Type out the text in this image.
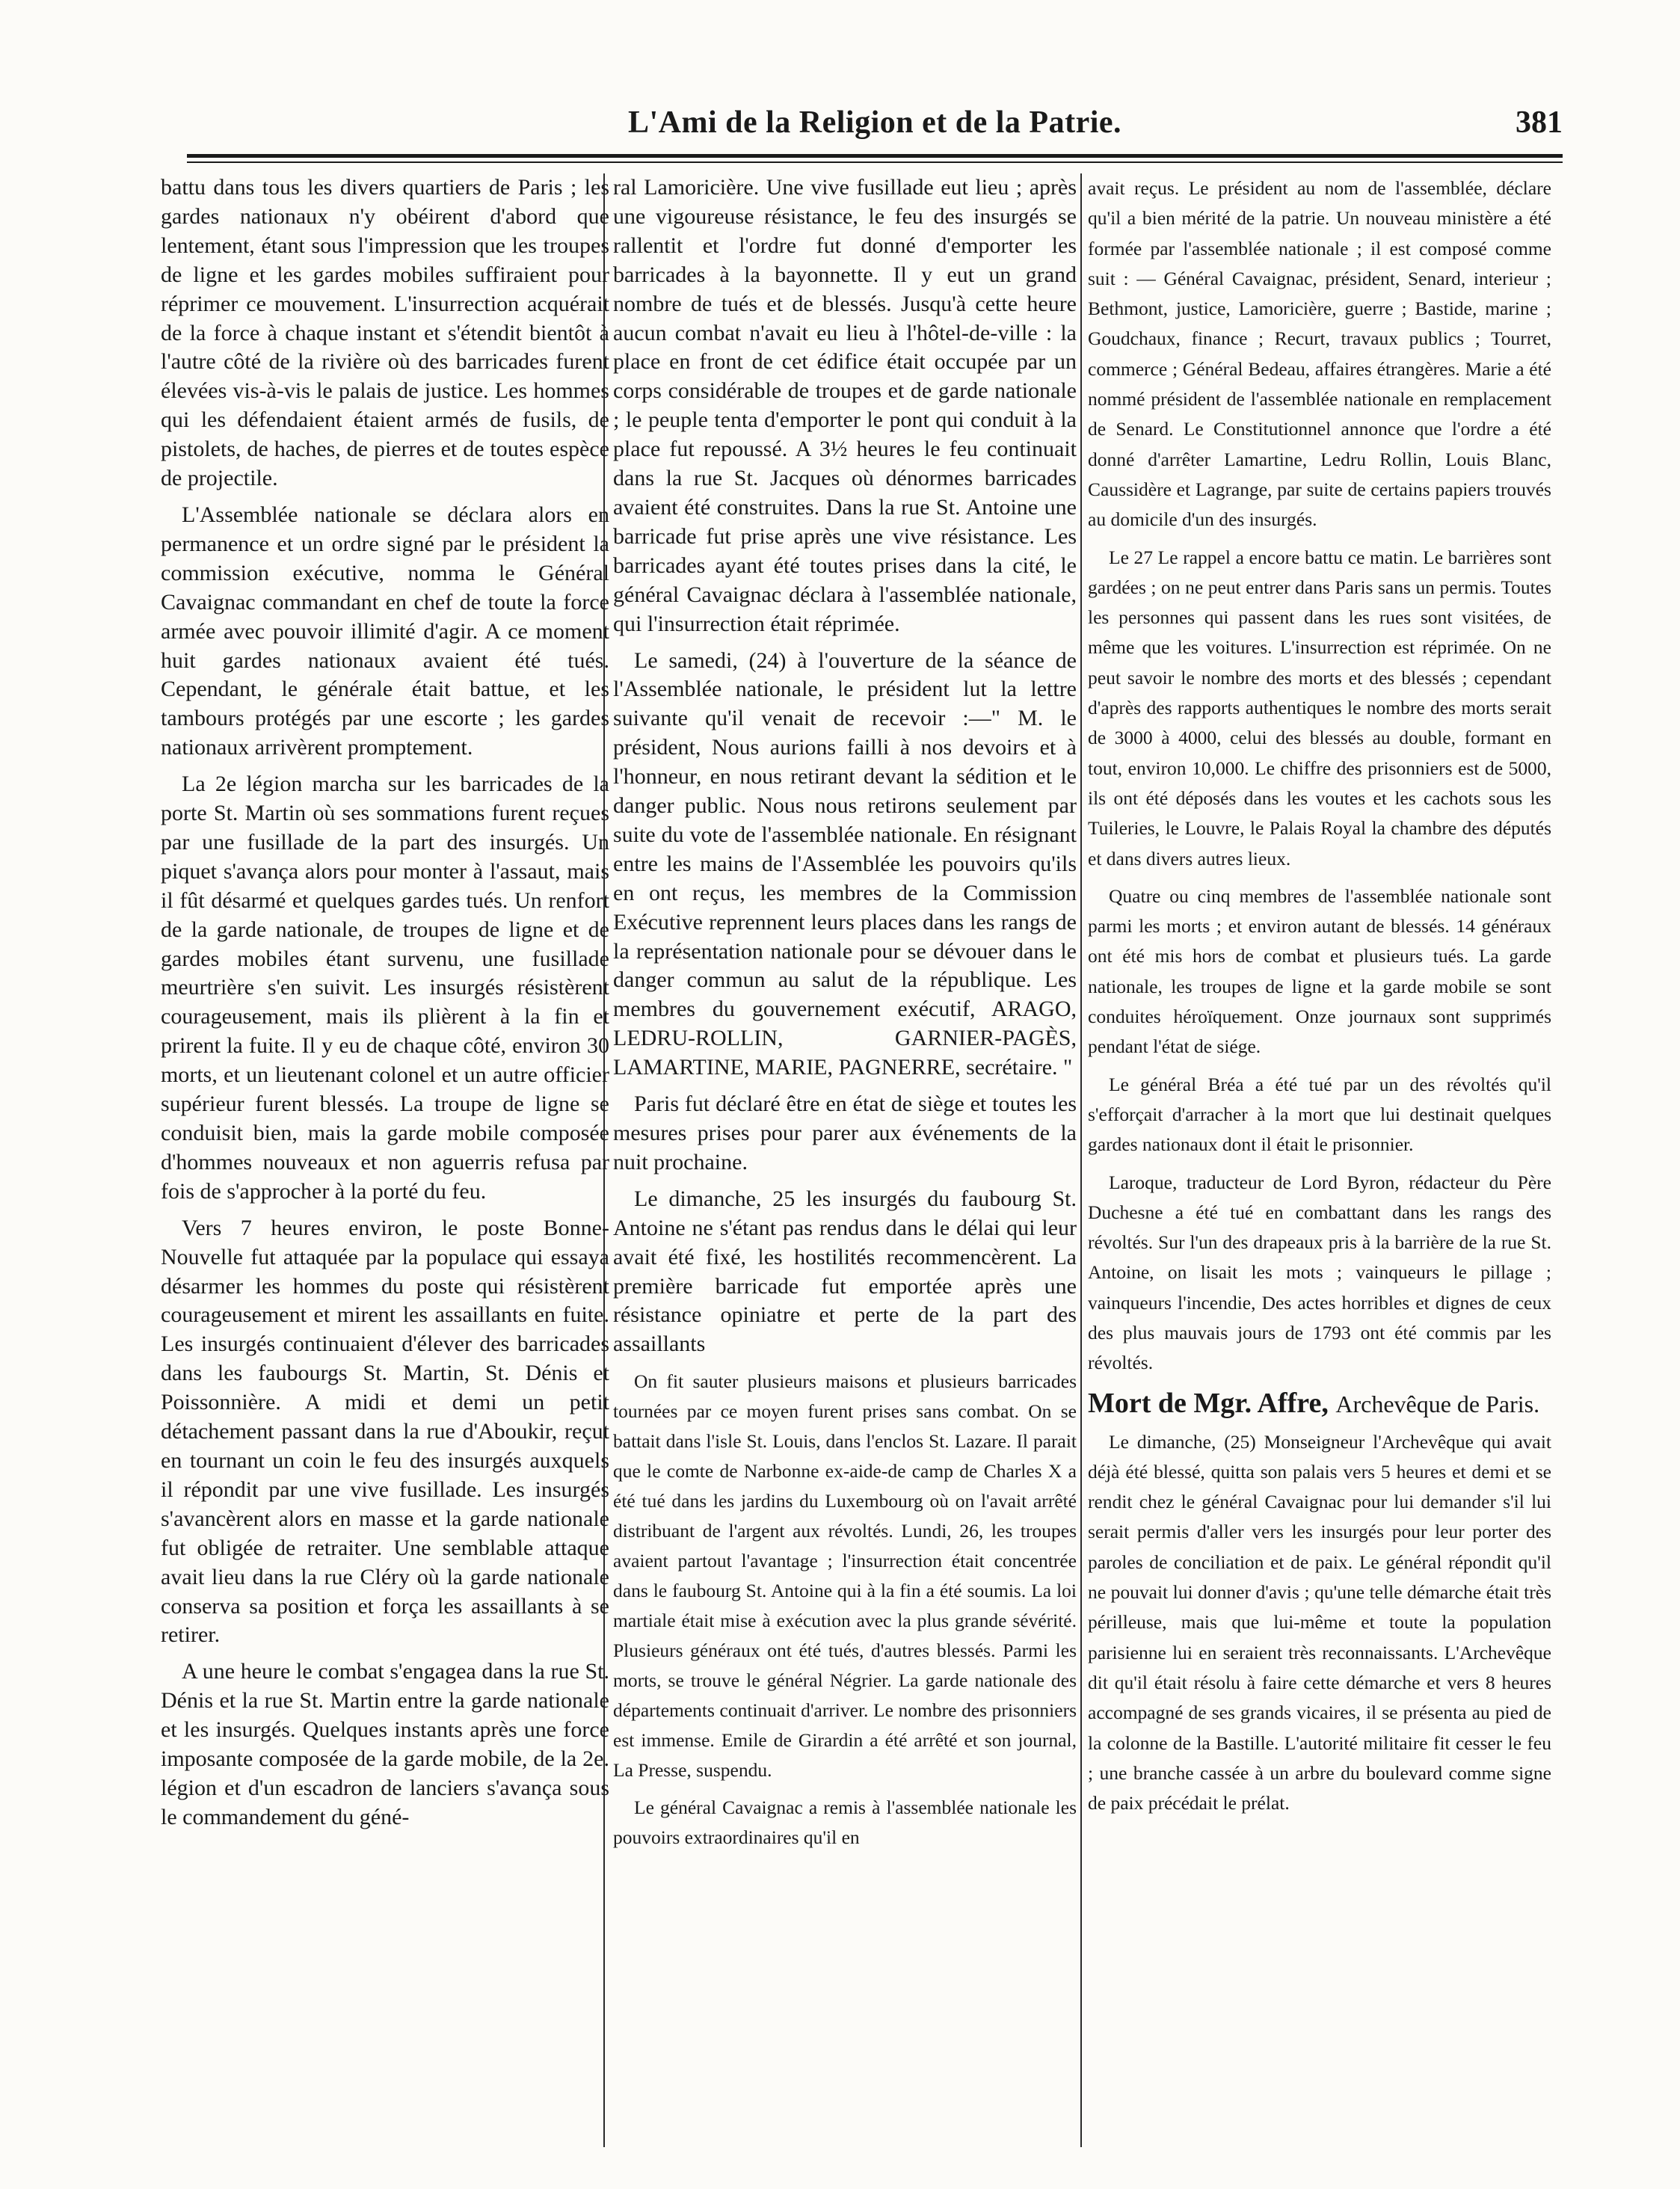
L'Ami de la Religion et de la Patrie.	381

battu dans tous les divers quartiers de Paris ; les gardes nationaux n'y obéirent d'abord que lentement, étant sous l'impression que les troupes de ligne et les gardes mobiles suffiraient pour réprimer ce mouvement. L'insurrection acquérait de la force à chaque instant et s'étendit bientôt à l'autre côté de la rivière où des barricades furent élevées vis-à-vis le palais de justice. Les hommes qui les défendaient étaient armés de fusils, de pistolets, de haches, de pierres et de toutes espèce de projectile.

L'Assemblée nationale se déclara alors en permanence et un ordre signé par le président la commission exécutive, nomma le Général Cavaignac commandant en chef de toute la force armée avec pouvoir illimité d'agir. A ce moment huit gardes nationaux avaient été tués. Cependant, le générale était battue, et les tambours protégés par une escorte ; les gardes nationaux arrivèrent promptement.

La 2e légion marcha sur les barricades de la porte St. Martin où ses sommations furent reçues par une fusillade de la part des insurgés. Un piquet s'avança alors pour monter à l'assaut, mais il fût désarmé et quelques gardes tués. Un renfort de la garde nationale, de troupes de ligne et de gardes mobiles étant survenu, une fusillade meurtrière s'en suivit. Les insurgés résistèrent courageusement, mais ils plièrent à la fin et prirent la fuite. Il y eu de chaque côté, environ 30 morts, et un lieutenant colonel et un autre officier supérieur furent blessés. La troupe de ligne se conduisit bien, mais la garde mobile composée d'hommes nouveaux et non aguerris refusa par fois de s'approcher à la porté du feu.

Vers 7 heures environ, le poste Bonne-Nouvelle fut attaquée par la populace qui essaya désarmer les hommes du poste qui résistèrent courageusement et mirent les assaillants en fuite. Les insurgés continuaient d'élever des barricades dans les faubourgs St. Martin, St. Dénis et Poissonnière. A midi et demi un petit détachement passant dans la rue d'Aboukir, reçut en tournant un coin le feu des insurgés auxquels il répondit par une vive fusillade. Les insurgés s'avancèrent alors en masse et la garde nationale fut obligée de retraiter. Une semblable attaque avait lieu dans la rue Cléry où la garde nationale conserva sa position et força les assaillants à se retirer.

A une heure le combat s'engagea dans la rue St. Dénis et la rue St. Martin entre la garde nationale et les insurgés. Quelques instants après une force imposante composée de la garde mobile, de la 2e. légion et d'un escadron de lanciers s'avança sous le commandement du géné-

ral Lamoricière. Une vive fusillade eut lieu ; après une vigoureuse résistance, le feu des insurgés se rallentit et l'ordre fut donné d'emporter les barricades à la bayonnette. Il y eut un grand nombre de tués et de blessés. Jusqu'à cette heure aucun combat n'avait eu lieu à l'hôtel-de-ville : la place en front de cet édifice était occupée par un corps considérable de troupes et de garde nationale ; le peuple tenta d'emporter le pont qui conduit à la place fut repoussé. A 3½ heures le feu continuait dans la rue St. Jacques où dénormes barricades avaient été construites. Dans la rue St. Antoine une barricade fut prise après une vive résistance. Les barricades ayant été toutes prises dans la cité, le général Cavaignac déclara à l'assemblée nationale, qui l'insurrection était réprimée.

Le samedi, (24) à l'ouverture de la séance de l'Assemblée nationale, le président lut la lettre suivante qu'il venait de recevoir :—" M. le président, Nous aurions failli à nos devoirs et à l'honneur, en nous retirant devant la sédition et le danger public. Nous nous retirons seulement par suite du vote de l'assemblée nationale. En résignant entre les mains de l'Assemblée les pouvoirs qu'ils en ont reçus, les membres de la Commission Exécutive reprennent leurs places dans les rangs de la représentation nationale pour se dévouer dans le danger commun au salut de la république. Les membres du gouvernement exécutif, ARAGO, LEDRU-ROLLIN, GARNIER-PAGÈS, LAMARTINE, MARIE, PAGNERRE, secrétaire. "

Paris fut déclaré être en état de siège et toutes les mesures prises pour parer aux événements de la nuit prochaine.

Le dimanche, 25 les insurgés du faubourg St. Antoine ne s'étant pas rendus dans le délai qui leur avait été fixé, les hostilités recommencèrent. La première barricade fut emportée après une résistance opiniatre et perte de la part des assaillants

On fit sauter plusieurs maisons et plusieurs barricades tournées par ce moyen furent prises sans combat. On se battait dans l'isle St. Louis, dans l'enclos St. Lazare. Il parait que le comte de Narbonne ex-aide-de camp de Charles X a été tué dans les jardins du Luxembourg où on l'avait arrêté distribuant de l'argent aux révoltés. Lundi, 26, les troupes avaient partout l'avantage ; l'insurrection était concentrée dans le faubourg St. Antoine qui à la fin a été soumis. La loi martiale était mise à exécution avec la plus grande sévérité. Plusieurs généraux ont été tués, d'autres blessés. Parmi les morts, se trouve le général Négrier. La garde nationale des départements continuait d'arriver. Le nombre des prisonniers est immense. Emile de Girardin a été arrêté et son journal, La Presse, suspendu.

Le général Cavaignac a remis à l'assemblée nationale les pouvoirs extraordinaires qu'il en

avait reçus. Le président au nom de l'assemblée, déclare qu'il a bien mérité de la patrie. Un nouveau ministère a été formée par l'assemblée nationale ; il est composé comme suit : — Général Cavaignac, président, Senard, interieur ; Bethmont, justice, Lamoricière, guerre ; Bastide, marine ; Goudchaux, finance ; Recurt, travaux publics ; Tourret, commerce ; Général Bedeau, affaires étrangères. Marie a été nommé président de l'assemblée nationale en remplacement de Senard. Le Constitutionnel annonce que l'ordre a été donné d'arrêter Lamartine, Ledru Rollin, Louis Blanc, Caussidère et Lagrange, par suite de certains papiers trouvés au domicile d'un des insurgés.

Le 27 Le rappel a encore battu ce matin. Le barrières sont gardées ; on ne peut entrer dans Paris sans un permis. Toutes les personnes qui passent dans les rues sont visitées, de même que les voitures. L'insurrection est réprimée. On ne peut savoir le nombre des morts et des blessés ; cependant d'après des rapports authentiques le nombre des morts serait de 3000 à 4000, celui des blessés au double, formant en tout, environ 10,000. Le chiffre des prisonniers est de 5000, ils ont été déposés dans les voutes et les cachots sous les Tuileries, le Louvre, le Palais Royal la chambre des députés et dans divers autres lieux.

Quatre ou cinq membres de l'assemblée nationale sont parmi les morts ; et environ autant de blessés. 14 généraux ont été mis hors de combat et plusieurs tués. La garde nationale, les troupes de ligne et la garde mobile se sont conduites héroïquement. Onze journaux sont supprimés pendant l'état de siége.

Le général Bréa a été tué par un des révoltés qu'il s'efforçait d'arracher à la mort que lui destinait quelques gardes nationaux dont il était le prisonnier.

Laroque, traducteur de Lord Byron, rédacteur du Père Duchesne a été tué en combattant dans les rangs des révoltés. Sur l'un des drapeaux pris à la barrière de la rue St. Antoine, on lisait les mots ; vainqueurs le pillage ; vainqueurs l'incendie, Des actes horribles et dignes de ceux des plus mauvais jours de 1793 ont été commis par les révoltés.

Mort de Mgr. Affre, Archevêque de Paris.

Le dimanche, (25) Monseigneur l'Archevêque qui avait déjà été blessé, quitta son palais vers 5 heures et demi et se rendit chez le général Cavaignac pour lui demander s'il lui serait permis d'aller vers les insurgés pour leur porter des paroles de conciliation et de paix. Le général répondit qu'il ne pouvait lui donner d'avis ; qu'une telle démarche était très périlleuse, mais que lui-même et toute la population parisienne lui en seraient très reconnaissants. L'Archevêque dit qu'il était résolu à faire cette démarche et vers 8 heures accompagné de ses grands vicaires, il se présenta au pied de la colonne de la Bastille. L'autorité militaire fit cesser le feu ; une branche cassée à un arbre du boulevard comme signe de paix précédait le prélat.
